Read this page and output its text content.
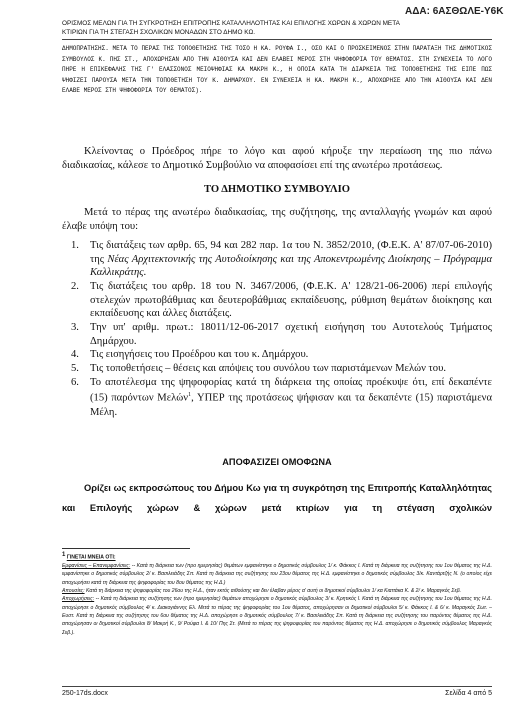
ΑΔΑ: 6ΑΣΘΩΛΕ-Υ6Κ
ΟΡΙΣΜΟΣ ΜΕΛΩΝ ΓΙΑ ΤΗ ΣΥΓΚΡΟΤΗΣΗ ΕΠΙΤΡΟΠΗΣ ΚΑΤΑΛΛΗΛΟΤΗΤΑΣ ΚΑΙ ΕΠΙΛΟΓΗΣ ΧΩΡΩΝ & ΧΩΡΩΝ ΜΕΤΑ
ΚΤΙΡΙΩΝ ΓΙΑ ΤΗ ΣΤΕΓΑΣΗ ΣΧΟΛΙΚΩΝ ΜΟΝΑΔΩΝ ΣΤΟ ΔΗΜΟ ΚΩ.
ΔΗΜΟΠΡΑΤΗΣΗΣ. ΜΕΤΑ ΤΟ ΠΕΡΑΣ ΤΗΣ ΤΟΠΟΘΕΤΗΣΗΣ ΤΗΣ ΤΟΣΟ Η ΚΑ. ΡΟΥΦΑ Ι., ΟΣΟ ΚΑΙ Ο ΠΡΟΣΚΕΙΜΕΝΟΣ ΣΤΗΝ ΠΑΡΑΤΑΞΗ ΤΗΣ ΔΗΜΟΤΙΚΟΣ ΣΥΜΒΟΥΛΟΣ Κ. ΠΗΣ ΣΤ., ΑΠΟΧΩΡΗΣΑΝ ΑΠΟ ΤΗΝ ΑΙΘΟΥΣΑ ΚΑΙ ΔΕΝ ΕΛΑΒΕΙ ΜΕΡΟΣ ΣΤΗ ΨΗΦΟΦΟΡΙΑ ΤΟΥ ΘΕΜΑΤΟΣ. ΣΤΗ ΣΥΝΕΧΕΙΑ ΤΟ ΛΟΓΟ ΠΗΡΕ Η ΕΠΙΚΕΦΑΛΗΣ ΤΗΣ Γ' ΕΛΑΣΣΟΝΟΣ ΜΕΙΟΨΗΦΙΑΣ ΚΑ ΜΑΚΡΗ Κ., Η ΟΠΟΙΑ ΚΑΤΑ ΤΗ ΔΙΑΡΚΕΙΑ ΤΗΣ ΤΟΠΟΘΕΤΗΣΗΣ ΤΗΣ ΕΙΠΕ ΠΩΣ ΨΗΦΙΖΕΙ ΠΑΡΟΥΣΑ ΜΕΤΑ ΤΗΝ ΤΟΠΟΘΕΤΗΣΗ ΤΟΥ Κ. ΔΗΜΑΡΧΟΥ. ΕΝ ΣΥΝΕΧΕΙΑ Η ΚΑ. ΜΑΚΡΗ Κ., ΑΠΟΧΩΡΗΣΕ ΑΠΟ ΤΗΝ ΑΙΘΟΥΣΑ ΚΑΙ ΔΕΝ ΕΛΑΒΕ ΜΕΡΟΣ ΣΤΗ ΨΗΦΟΦΟΡΙΑ ΤΟΥ ΘΕΜΑΤΟΣ).
Κλείνοντας ο Πρόεδρος πήρε το λόγο και αφού κήρυξε την περαίωση της πιο πάνω διαδικασίας, κάλεσε το Δημοτικό Συμβούλιο να αποφασίσει επί της ανωτέρω προτάσεως.
ΤΟ ΔΗΜΟΤΙΚΟ ΣΥΜΒΟΥΛΙΟ
Μετά το πέρας της ανωτέρω διαδικασίας, της συζήτησης, της ανταλλαγής γνωμών και αφού έλαβε υπόψη του:
1. Τις διατάξεις των αρθρ. 65, 94 και 282 παρ. 1α του Ν. 3852/2010, (Φ.Ε.Κ. Α' 87/07-06-2010) της Νέας Αρχιτεκτονικής της Αυτοδιοίκησης και της Αποκεντρωμένης Διοίκησης – Πρόγραμμα Καλλικράτης.
2. Τις διατάξεις του αρθρ. 18 του Ν. 3467/2006, (Φ.Ε.Κ. Α' 128/21-06-2006) περί επιλογής στελεχών πρωτοβάθμιας και δευτεροβάθμιας εκπαίδευσης, ρύθμιση θεμάτων διοίκησης και εκπαίδευσης και άλλες διατάξεις.
3. Την υπ' αριθμ. πρωτ.: 18011/12-06-2017 σχετική εισήγηση του Αυτοτελούς Τμήματος Δημάρχου.
4. Τις εισηγήσεις του Προέδρου και του κ. Δημάρχου.
5. Τις τοποθετήσεις – θέσεις και απόψεις του συνόλου των παριστάμενων Μελών του.
6. Το αποτέλεσμα της ψηφοφορίας κατά τη διάρκεια της οποίας προέκυψε ότι, επί δεκαπέντε (15) παρόντων Μελών$^1$, ΥΠΕΡ της προτάσεως ψήφισαν και τα δεκαπέντε (15) παριστάμενα Μέλη.
ΑΠΟΦΑΣΙΖΕΙ ΟΜΟΦΩΝΑ
Ορίζει ως εκπροσώπους του Δήμου Κω για τη συγκρότηση της Επιτροπής Καταλληλότητας και Επιλογής χώρων & χώρων μετά κτιρίων για τη στέγαση σχολικών
$^1$ ΓΙΝΕΤΑΙ ΜΝΕΙΑ ΟΤΙ:
Εμφανίσεις – Επανεμφανίσεις: -- Κατά τη διάρκεια των (προ ημερησίας) θεμάτων εμφανίστηκε ο δημοτικός σύμβουλος 1/ κ. Φάκκος Ι. Κατά τη διάρκεια της συζήτησης του 1ου θέματος της Η.Δ. εμφανίστηκε ο δημοτικός σύμβουλος 2/ κ. Βασιλειάδης Σπ. Κατά τη διάρκεια της συζήτησης του 23ου θέματος της Η.Δ. εμφανίστηκε ο δημοτικός σύμβουλος 3/κ. Καντάρτζής Ν. (ο οποίος είχε αποχωρήσει κατά τη διάρκεια της ψηφοφορίας του 8ου θέματος της Η.Δ.)
Απουσίες: Κατά τη διάρκεια της ψηφοφορίας του 26ου της Η.Δ., ήταν εκτός αιθούσης και δεν έλαβαν μέρος α' αυτή οι δημοτικοί σύμβουλοι 1/ κα Κιαπάκα Κ. & 2/ κ. Μαραγκός Σεβ.
Αποχωρήσεις: -- Κατά τη διάρκεια της συζήτησης των (προ ημερησίας) θεμάτων αποχώρησε ο δημοτικός σύμβουλος 3/ κ. Κρητικός Ι. Κατά τη διάρκεια της συζήτησης του 1ου θέματος της Η.Δ. αποχώρησε ο δημοτικός σύμβουλος 4/ κ. Διακογιάννης Ελ. Μετά το πέρας της ψηφοφορίας του 1ου θέματος, αποχώρησαν οι δημοτικοί σύμβουλοι 5/ κ. Φάκκος Ι. & 6/ κ. Μαραγκός Σωτ. – Ευστ. Κατά τη διάρκεια της συζήτησης του 6ου θέματος της Η.Δ. αποχώρησε ο δημοτικός σύμβουλος 7/ κ. Βασιλειάδης Σπ. Κατά τη διάρκεια της συζήτησης του παρόντος θέματος της Η.Δ. αποχώρησαν οι δημοτικοί σύμβουλοι 8/ Μακρή Κ., 9/ Ρούφα Ι. & 10/ Πης Στ. (Μετά το πέρας της ψηφοφορίας του παρόντος θέματος της Η.Δ. αποχώρησε ο δημοτικός σύμβουλος Μαραγκός Σεβ.).
250-17ds.docx	Σελίδα 4 από 5
